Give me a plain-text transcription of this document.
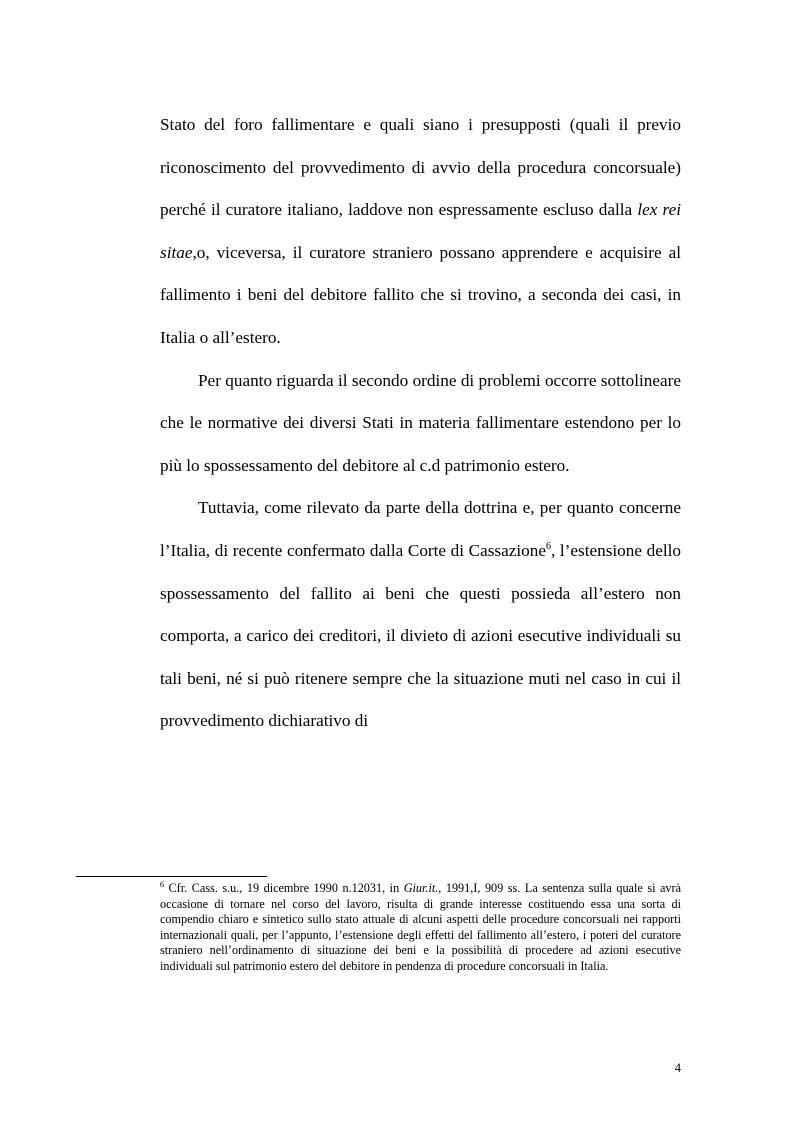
Stato del foro fallimentare e quali siano i presupposti (quali il previo riconoscimento del provvedimento di avvio della procedura concorsuale) perché il curatore italiano, laddove non espressamente escluso dalla lex rei sitae,o, viceversa, il curatore straniero possano apprendere e acquisire al fallimento i beni del debitore fallito che si trovino, a seconda dei casi, in Italia o all’estero.

Per quanto riguarda il secondo ordine di problemi occorre sottolineare che le normative dei diversi Stati in materia fallimentare estendono per lo più lo spossessamento del debitore al c.d patrimonio estero.

Tuttavia, come rilevato da parte della dottrina e, per quanto concerne l’Italia, di recente confermato dalla Corte di Cassazione$^6$, l’estensione dello spossessamento del fallito ai beni che questi possieda all’estero non comporta, a carico dei creditori, il divieto di azioni esecutive individuali su tali beni, né si può ritenere sempre che la situazione muti nel caso in cui il provvedimento dichiarativo di

$^6$ Cfr. Cass. s.u., 19 dicembre 1990 n.12031, in Giur.it., 1991,I, 909 ss. La sentenza sulla quale si avrà occasione di tornare nel corso del lavoro, risulta di grande interesse costituendo essa una sorta di compendio chiaro e sintetico sullo stato attuale di alcuni aspetti delle procedure concorsuali nei rapporti internazionali quali, per l’appunto, l’estensione degli effetti del fallimento all’estero, i poteri del curatore straniero nell’ordinamento di situazione dei beni e la possibilità di procedere ad azioni esecutive individuali sul patrimonio estero del debitore in pendenza di procedure concorsuali in Italia.

4
